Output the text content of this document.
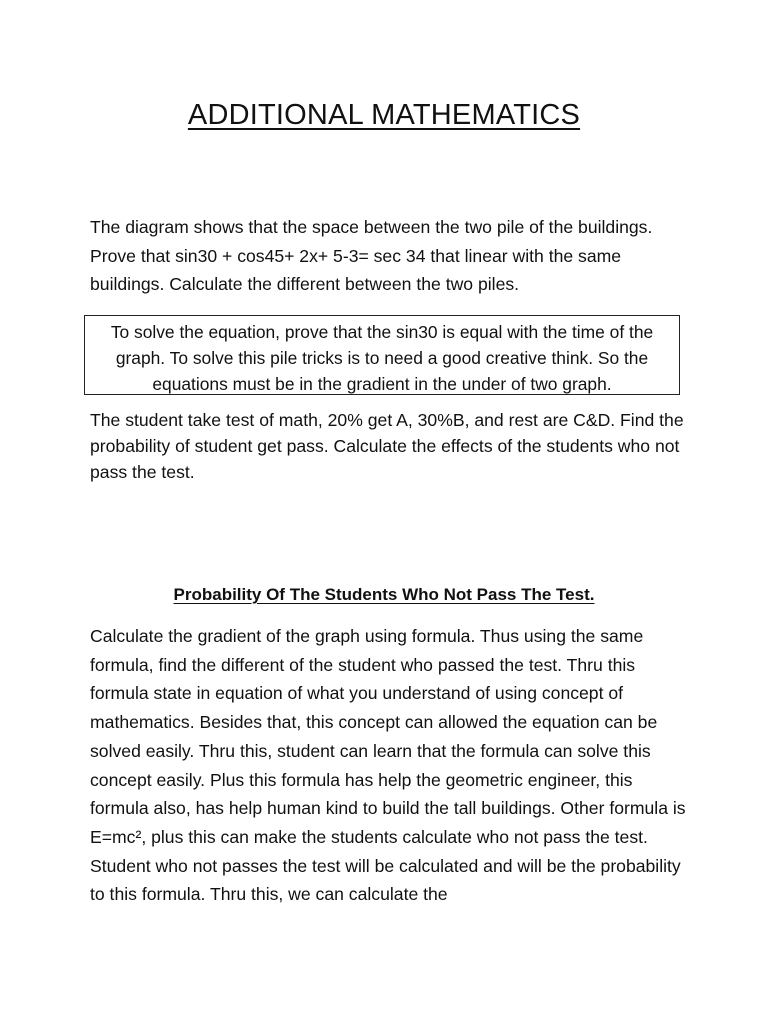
ADDITIONAL MATHEMATICS

The diagram shows that the space between the two pile of the buildings. Prove that sin30 + cos45+ 2x+ 5-3= sec 34 that linear with the same buildings. Calculate the different between the two piles.

To solve the equation, prove that the sin30 is equal with the time of the graph. To solve this pile tricks is to need a good creative think. So the equations must be in the gradient in the under of two graph.

The student take test of math, 20% get A, 30%B, and rest are C&D. Find the probability of student get pass. Calculate the effects of the students who not pass the test.

Probability Of The Students Who Not Pass The Test.

Calculate the gradient of the graph using formula. Thus using the same formula, find the different of the student who passed the test. Thru this formula state in equation of what you understand of using concept of mathematics. Besides that, this concept can allowed the equation can be solved easily. Thru this, student can learn that the formula can solve this concept easily. Plus this formula has help the geometric engineer, this formula also, has help human kind to build the tall buildings. Other formula is E=mc², plus this can make the students calculate who not pass the test. Student who not passes the test will be calculated and will be the probability to this formula. Thru this, we can calculate the
